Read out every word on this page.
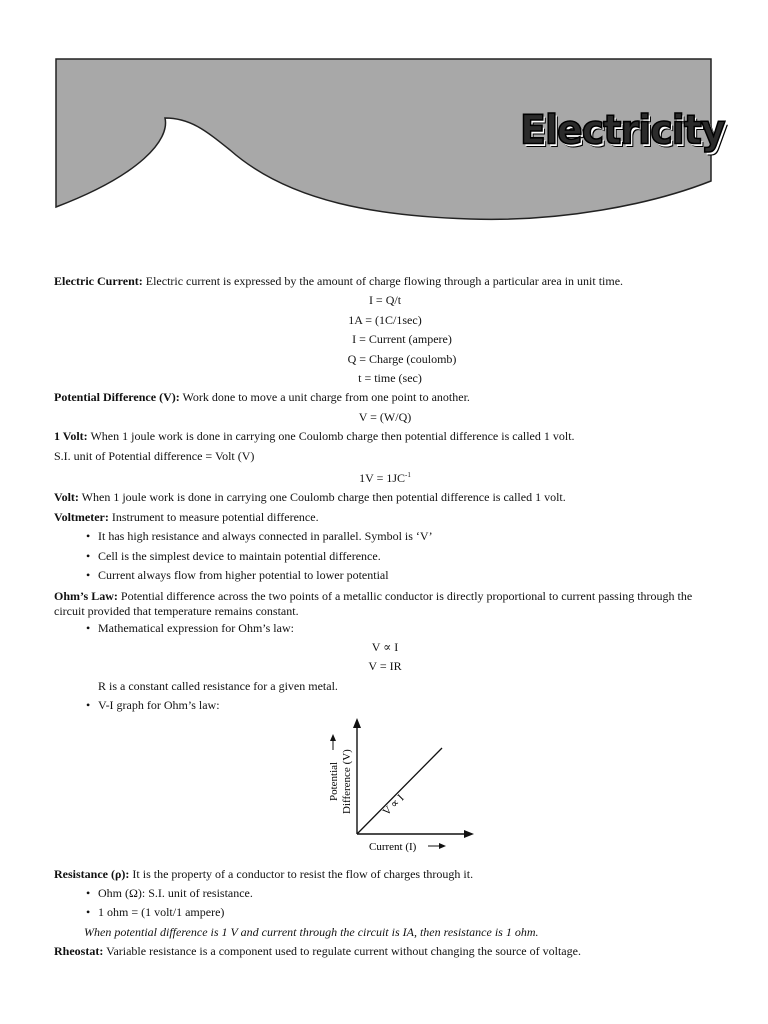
Electricity

Electric Current: Electric current is expressed by the amount of charge flowing through a particular area in unit time.

I = Q/t

1A = (1C/1sec)

I = Current (ampere)

Q = Charge (coulomb)

t = time (sec)

Potential Difference (V): Work done to move a unit charge from one point to another.

V = (W/Q)

1 Volt: When 1 joule work is done in carrying one Coulomb charge then potential difference is called 1 volt.

S.I. unit of Potential difference = Volt (V)

$1V = 1JC^{-1}$

Volt: When 1 joule work is done in carrying one Coulomb charge then potential difference is called 1 volt.

Voltmeter: Instrument to measure potential difference.

• It has high resistance and always connected in parallel. Symbol is ‘V’
• Cell is the simplest device to maintain potential difference.
• Current always flow from higher potential to lower potential

Ohm’s Law: Potential difference across the two points of a metallic conductor is directly proportional to current passing through the circuit provided that temperature remains constant.

• Mathematical expression for Ohm’s law:

V ∝ I

V = IR

R is a constant called resistance for a given metal.

• V-I graph for Ohm’s law:
V ∝ I
Potential Difference (V)
Current (I)

Resistance (ρ): It is the property of a conductor to resist the flow of charges through it.

• Ohm (Ω): S.I. unit of resistance.
• 1 ohm = (1 volt/1 ampere)

When potential difference is 1 V and current through the circuit is IA, then resistance is 1 ohm.

Rheostat: Variable resistance is a component used to regulate current without changing the source of voltage.
